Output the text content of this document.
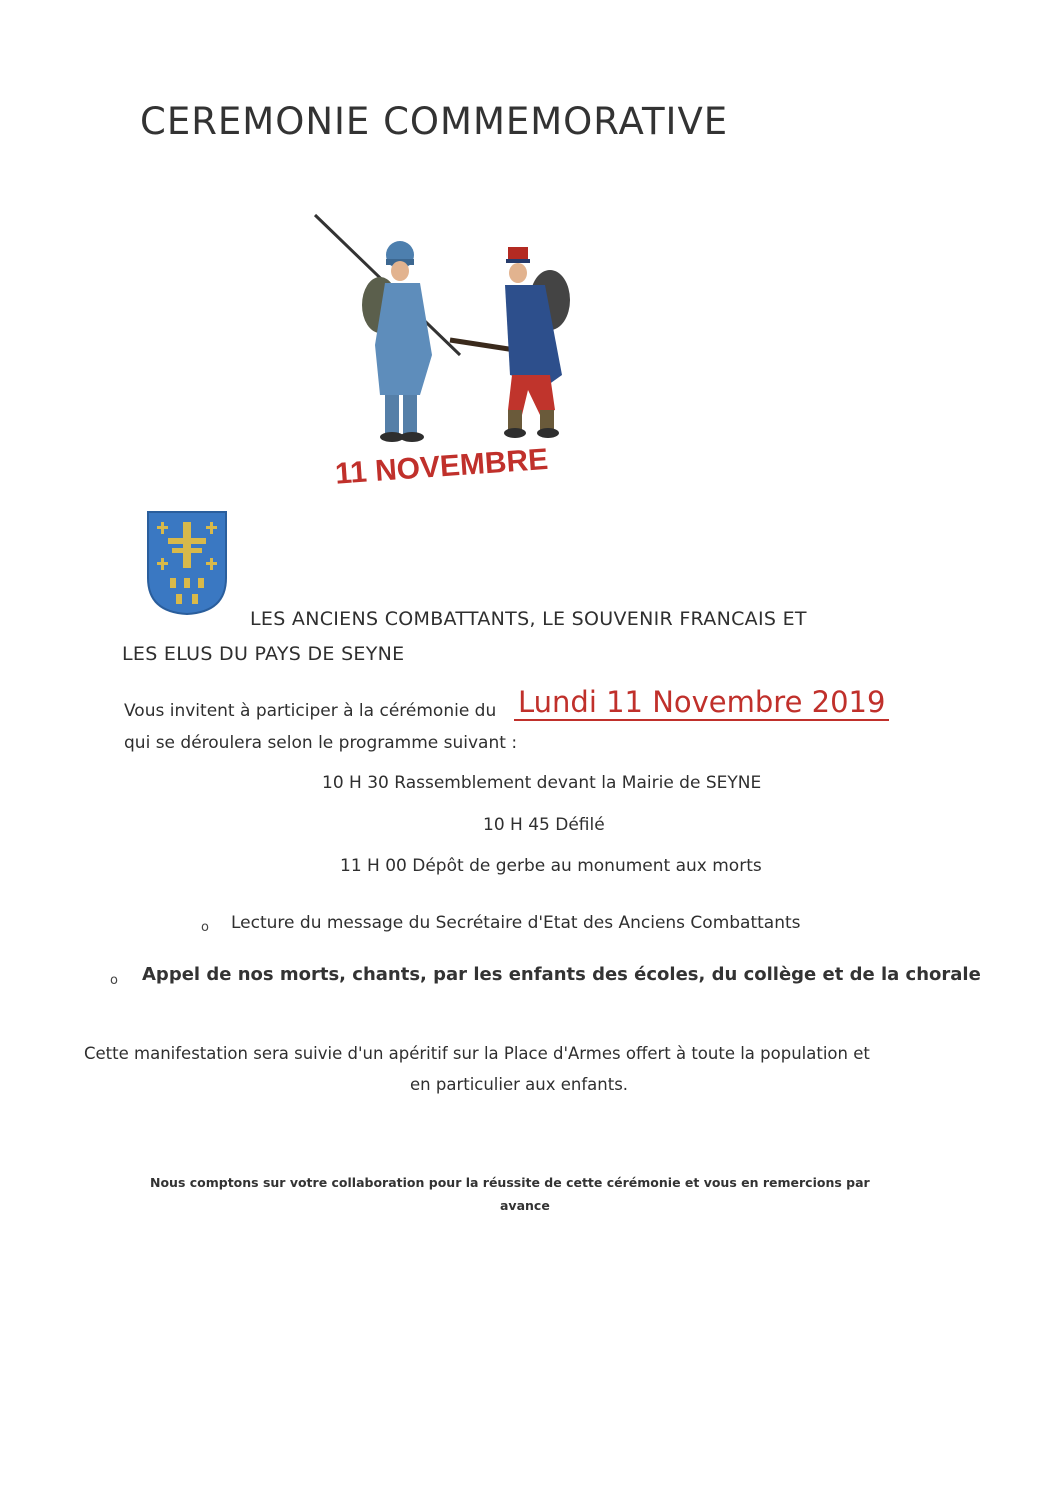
CEREMONIE COMMEMORATIVE
11 NOVEMBRE
LES ANCIENS COMBATTANTS, LE SOUVENIR FRANCAIS ET
LES ELUS DU PAYS DE SEYNE
Vous invitent à participer à la cérémonie du Lundi 11 Novembre 2019
qui se déroulera selon le programme suivant :
10 H 30 Rassemblement devant la Mairie de SEYNE
10 H 45 Défilé
11 H 00 Dépôt de gerbe au monument aux morts
o Lecture du message du Secrétaire d'Etat des Anciens Combattants
o Appel de nos morts, chants, par les enfants des écoles, du collège et de la chorale
Cette manifestation sera suivie d'un apéritif sur la Place d'Armes offert à toute la population et
en particulier aux enfants.
Nous comptons sur votre collaboration pour la réussite de cette cérémonie et vous en remercions par
avance
